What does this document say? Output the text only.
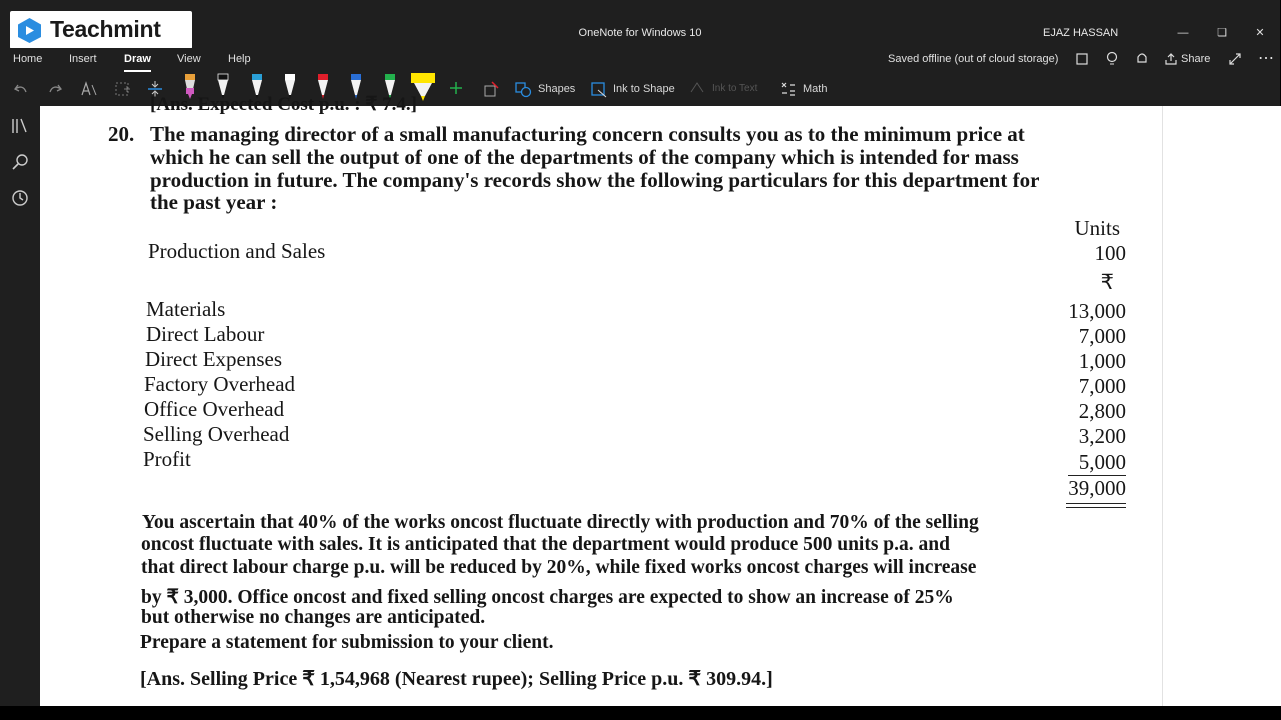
Teachmint	OneNote for Windows 10	EJAZ HASSAN	—	❏	✕
Home Insert Draw View Help	Saved offline (out of cloud storage)	Share	⋯
Shapes	Ink to Shape	Ink to Text	Math
[Ans. Expected Cost p.u. : ₹ 7.4.]
20. The managing director of a small manufacturing concern consults you as to the minimum price at
which he can sell the output of one of the departments of the company which is intended for mass
production in future. The company's records show the following particulars for this department for
the past year :
Units
Production and Sales	100
₹
Materials	13,000
Direct Labour	7,000
Direct Expenses	1,000
Factory Overhead	7,000
Office Overhead	2,800
Selling Overhead	3,200
Profit	5,000
39,000
You ascertain that 40% of the works oncost fluctuate directly with production and 70% of the selling
oncost fluctuate with sales. It is anticipated that the department would produce 500 units p.a. and
that direct labour charge p.u. will be reduced by 20%, while fixed works oncost charges will increase
by ₹ 3,000. Office oncost and fixed selling oncost charges are expected to show an increase of 25%
but otherwise no changes are anticipated.
Prepare a statement for submission to your client.
[Ans. Selling Price ₹ 1,54,968 (Nearest rupee); Selling Price p.u. ₹ 309.94.]
